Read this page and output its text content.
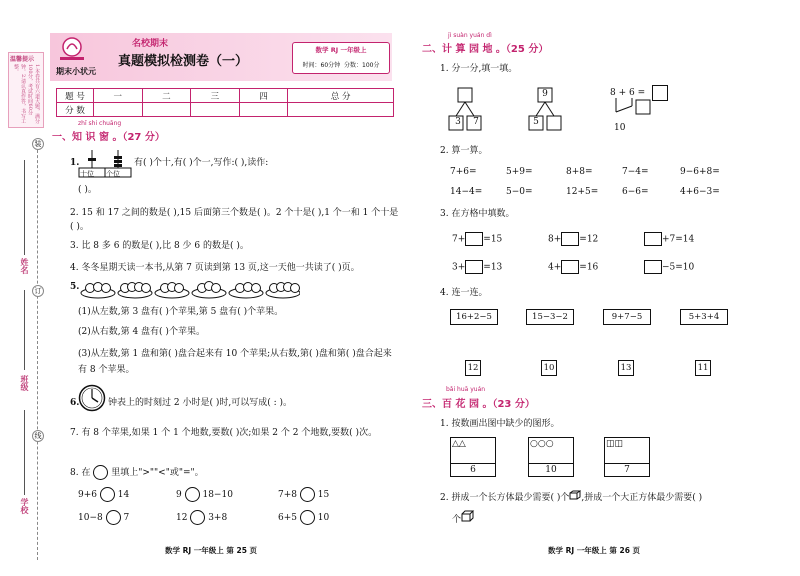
温馨提示
1.本卷共有六道大题，满分100分，考试时间60分钟。2.请认真作答，书写工整。
装
订
线
姓名
班级
学校
名校期末
真题模拟检测卷（一）
期末小状元
数学 RJ 一年级上
时间：60分钟 分数：100分
题 号	一	二	三	四	总 分
分 数					
zhī shi chuāng
一、知 识 窗 。（27 分）
1.
十位 个位
有( )个十,有( )个一,写作:( ),读作:
( )。
2. 15 和 17 之间的数是( ),15 后面第三个数是( )。2 个十是( ),1 个一和 1 个十是( )。
3. 比 8 多 6 的数是( ),比 8 少 6 的数是( )。
4. 冬冬星期天读一本书,从第 7 页读到第 13 页,这一天他一共读了( )页。
5.
(1)从左数,第 3 盘有( )个苹果,第 5 盘有( )个苹果。
(2)从右数,第 4 盘有( )个苹果。
(3)从左数,第 1 盘和第( )盘合起来有 10 个苹果;从右数,第( )盘和第( )盘合起来有 8 个苹果。
6.	钟表上的时刻过 2 小时是( )时,可以写成( : )。
7. 有 8 个苹果,如果 1 个 1 个地数,要数( )次;如果 2 个 2 个地数,要数( )次。
8. 在 里填上">""<"或"="。
9+6 14	9 18−10	7+8 15
10−8 7	12 3+8	6+5 10
数学 RJ 一年级上 第 25 页
jì suàn yuán dì
二、计 算 园 地 。（25 分）
1. 分一分,填一填。
3	7
9
5
8 + 6 =
10
2. 算一算。
7+6=	5+9=	8+8=	7−4=	9−6+8=
14−4=	5−0=	12+5=	6−6=	4+6−3=
3. 在方格中填数。
7+ =15	8+ =12	+7=14
3+ =13	4+ =16	−5=10
4. 连一连。
16+2−5	15−3−2	9+7−5	5+3+4
12	10	13	11
bǎi huā yuán
三、百 花 园 。（23 分）
1. 按数画出图中缺少的图形。
△△
6
○○○
10
◫◫
7
2. 拼成一个长方体最少需要( )个 ,拼成一个大正方体最少需要( )
个
数学 RJ 一年级上 第 26 页
